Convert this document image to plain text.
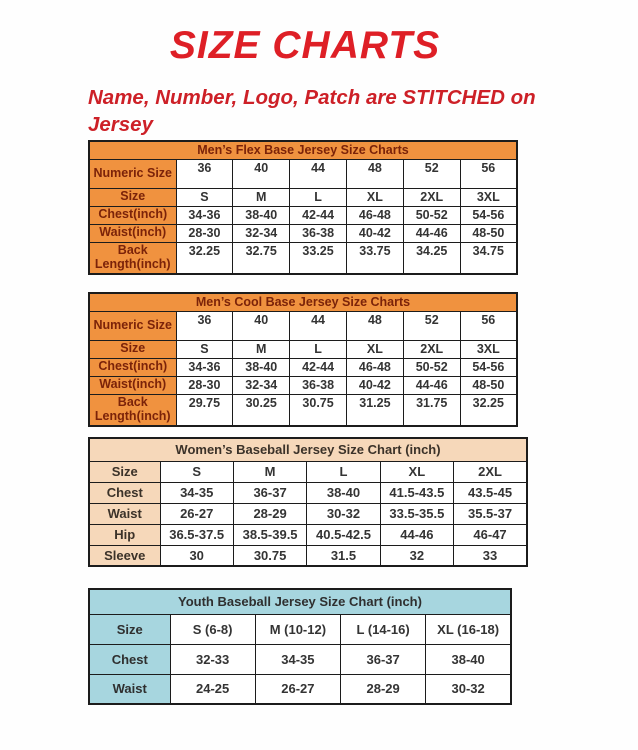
SIZE CHARTS

Name, Number, Logo, Patch are STITCHED on Jersey

Men’s Flex Base Jersey Size Charts						
Numeric Size	36	40	44	48	52	56
Size	S	M	L	XL	2XL	3XL
Chest(inch)	34-36	38-40	42-44	46-48	50-52	54-56
Waist(inch)	28-30	32-34	36-38	40-42	44-46	48-50
Back Length(inch)	32.25	32.75	33.25	33.75	34.25	34.75
Men’s Cool Base Jersey Size Charts						
Numeric Size	36	40	44	48	52	56
Size	S	M	L	XL	2XL	3XL
Chest(inch)	34-36	38-40	42-44	46-48	50-52	54-56
Waist(inch)	28-30	32-34	36-38	40-42	44-46	48-50
Back Length(inch)	29.75	30.25	30.75	31.25	31.75	32.25
Women’s Baseball Jersey Size Chart (inch)					
Size	S	M	L	XL	2XL
Chest	34-35	36-37	38-40	41.5-43.5	43.5-45
Waist	26-27	28-29	30-32	33.5-35.5	35.5-37
Hip	36.5-37.5	38.5-39.5	40.5-42.5	44-46	46-47
Sleeve	30	30.75	31.5	32	33
Youth Baseball Jersey Size Chart (inch)				
Size	S (6-8)	M (10-12)	L (14-16)	XL (16-18)
Chest	32-33	34-35	36-37	38-40
Waist	24-25	26-27	28-29	30-32
